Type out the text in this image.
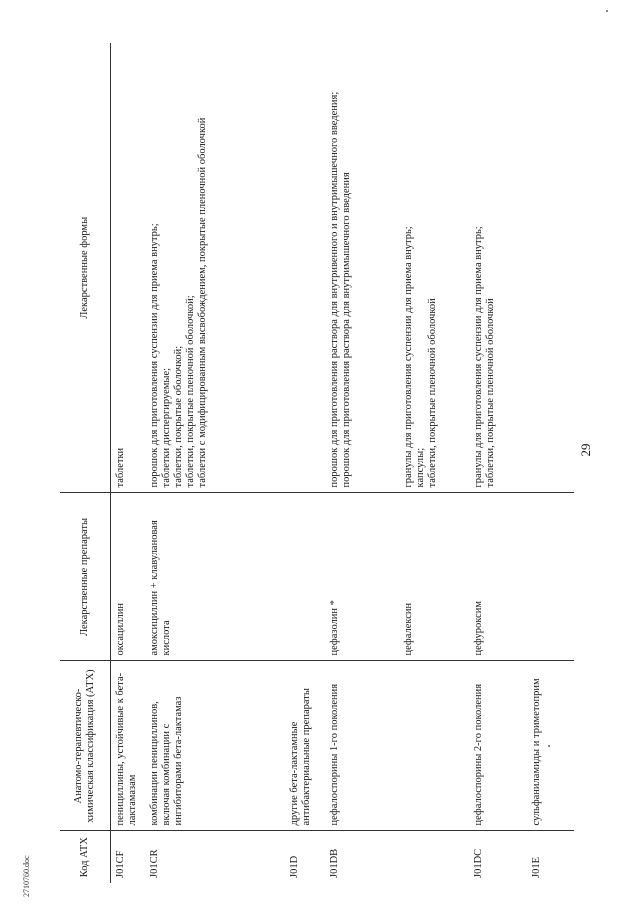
2710760.doc	Код АТХ	Анатомо-терапевтическо-химическая классификация (АТХ)	Лекарственные препараты	Лекарственные формы
J01CF	пенициллины, устойчивые к бета-лактамазам	оксациллин	таблетки
J01CR	комбинации пенициллинов, включая комбинации с ингибиторами бета-лактамаз	амоксициллин + клавулановая кислота	порошок для приготовления суспензии для приема внутрь;
таблетки диспергируемые;
таблетки, покрытые оболочкой;
таблетки, покрытые пленочной оболочкой;
таблетки с модифицированным высвобождением, покрытые пленочной оболочкой
J01D	другие бета-лактамные антибактериальные препараты		
J01DB	цефалоспорины 1-го поколения	цефазолин *	порошок для приготовления раствора для внутривенного и внутримышечного введения;
порошок для приготовления раствора для внутримышечного введения
		цефалексин	гранулы для приготовления суспензии для приема внутрь;
капсулы;
таблетки, покрытые пленочной оболочкой
J01DC	цефалоспорины 2-го поколения	цефуроксим	гранулы для приготовления суспензии для приема внутрь;
таблетки, покрытые пленочной оболочкой
J01E	сульфаниламиды и триметоприм		
29
